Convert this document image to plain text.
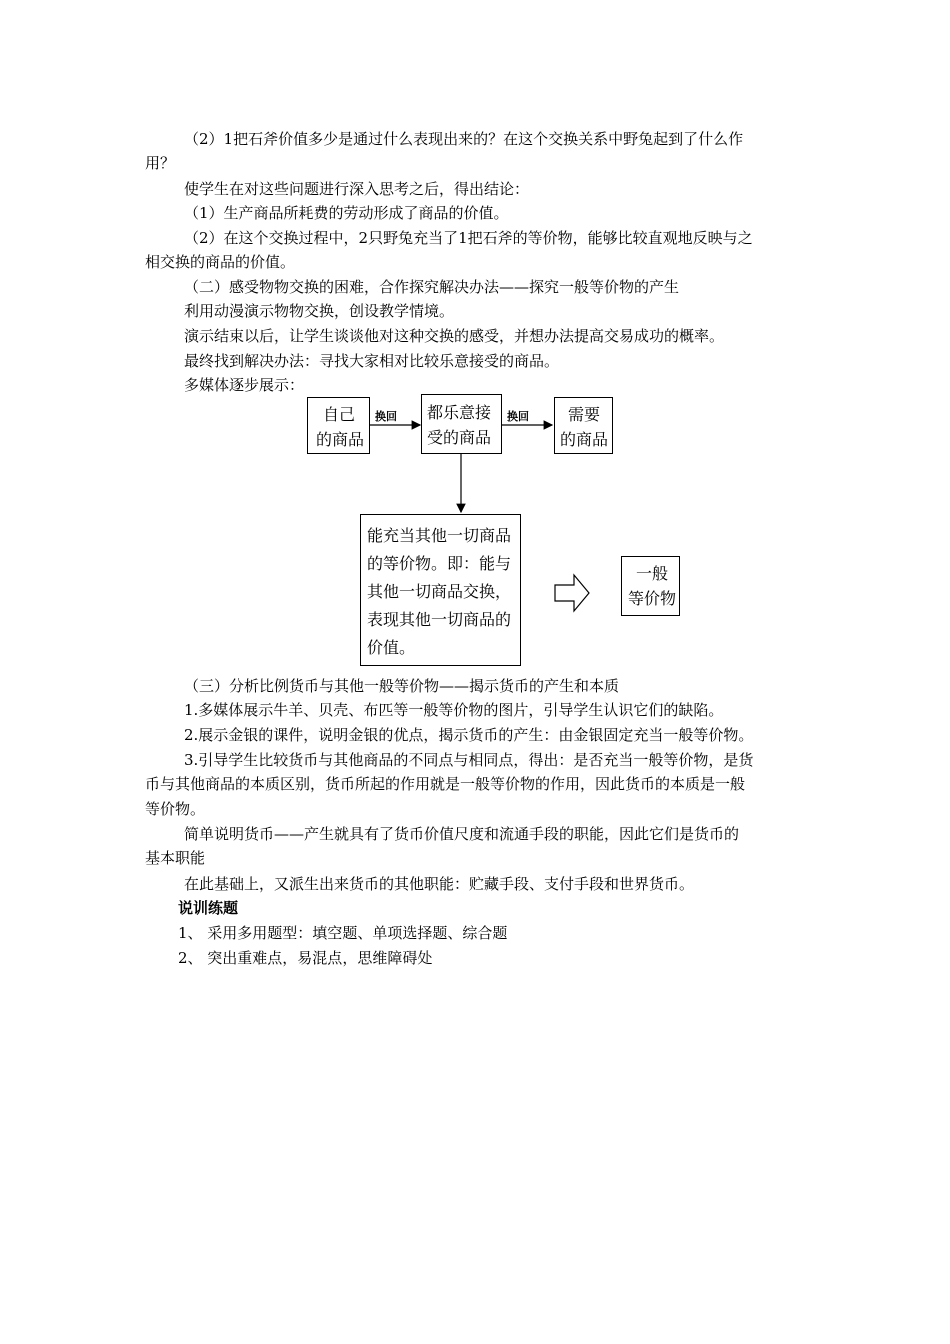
（2）1把石斧价值多少是通过什么表现出来的？在这个交换关系中野兔起到了什么作
用？
使学生在对这些问题进行深入思考之后，得出结论：
（1）生产商品所耗费的劳动形成了商品的价值。
（2）在这个交换过程中，2只野兔充当了1把石斧的等价物，能够比较直观地反映与之
相交换的商品的价值。
（二）感受物物交换的困难，合作探究解决办法——探究一般等价物的产生
利用动漫演示物物交换，创设教学情境。
演示结束以后，让学生谈谈他对这种交换的感受，并想办法提高交易成功的概率。
最终找到解决办法：寻找大家相对比较乐意接受的商品。
多媒体逐步展示：
换回	换回
自己
的商品
都乐意接
受的商品
需要
的商品
能充当其他一切商品
的等价物。即：能与
其他一切商品交换，
表现其他一切商品的
价值。
一般
等价物
（三）分析比例货币与其他一般等价物——揭示货币的产生和本质
1.多媒体展示牛羊、贝壳、布匹等一般等价物的图片，引导学生认识它们的缺陷。
2.展示金银的课件，说明金银的优点，揭示货币的产生：由金银固定充当一般等价物。
3.引导学生比较货币与其他商品的不同点与相同点，得出：是否充当一般等价物，是货
币与其他商品的本质区别，货币所起的作用就是一般等价物的作用，因此货币的本质是一般
等价物。
简单说明货币——产生就具有了货币价值尺度和流通手段的职能，因此它们是货币的
基本职能
在此基础上，又派生出来货币的其他职能：贮藏手段、支付手段和世界货币。
说训练题
1、 采用多用题型：填空题、单项选择题、综合题
2、 突出重难点，易混点，思维障碍处
